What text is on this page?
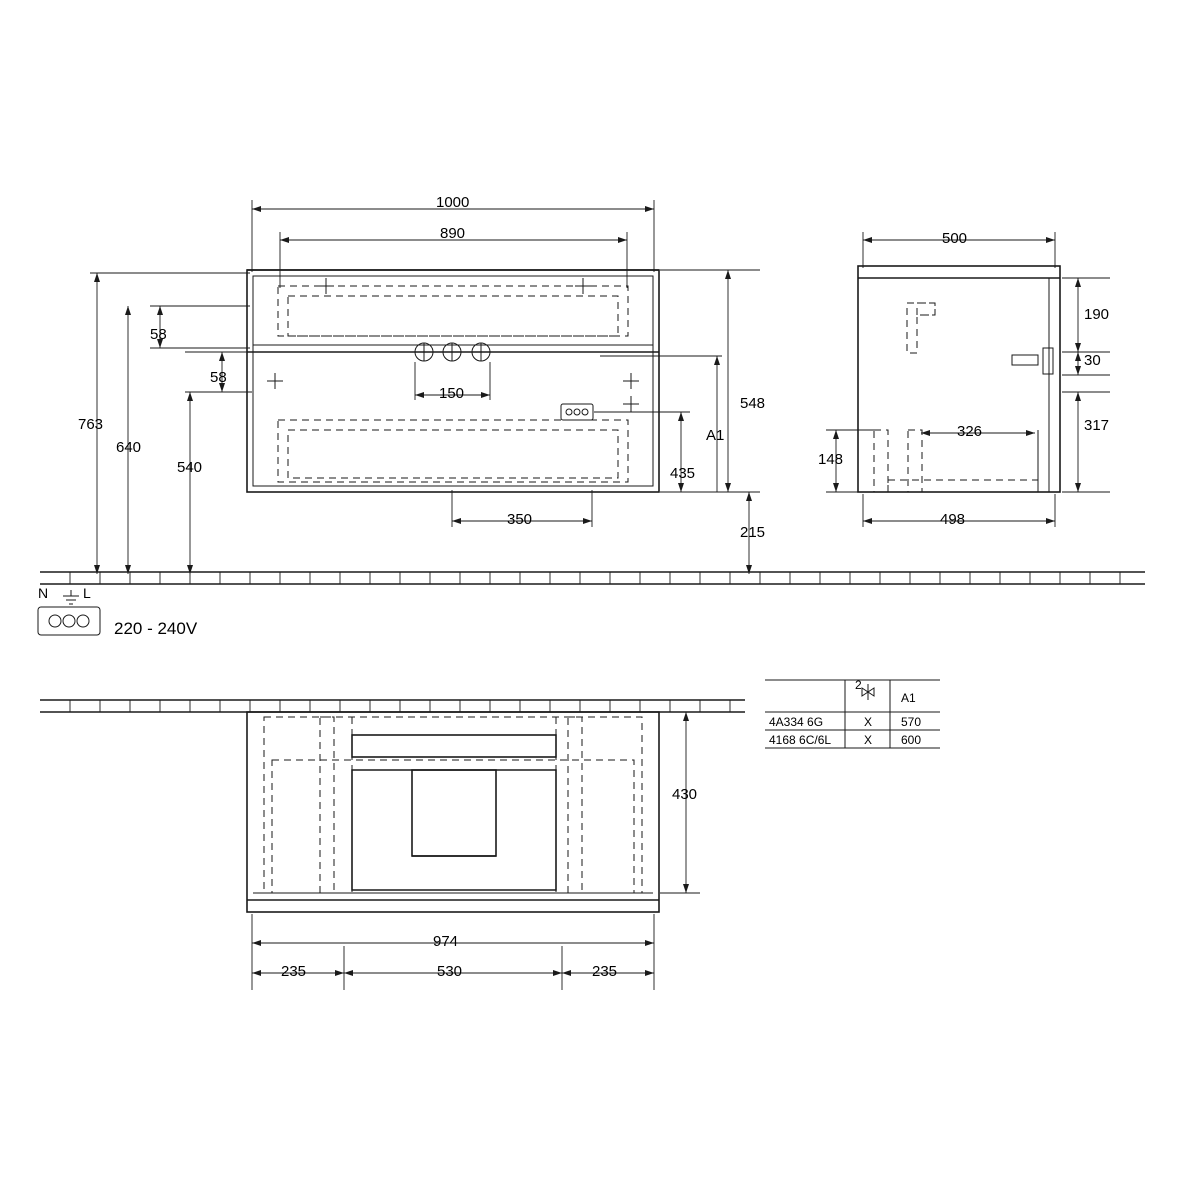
1000
890
58
58
150
763
640
540
350
548
435
215
A1
500
498
326
190
30
317
148
N L
220 - 240V
430
974
235	530	235
2
A1
4A334 6G	X 570
4168 6C/6L	X 600
